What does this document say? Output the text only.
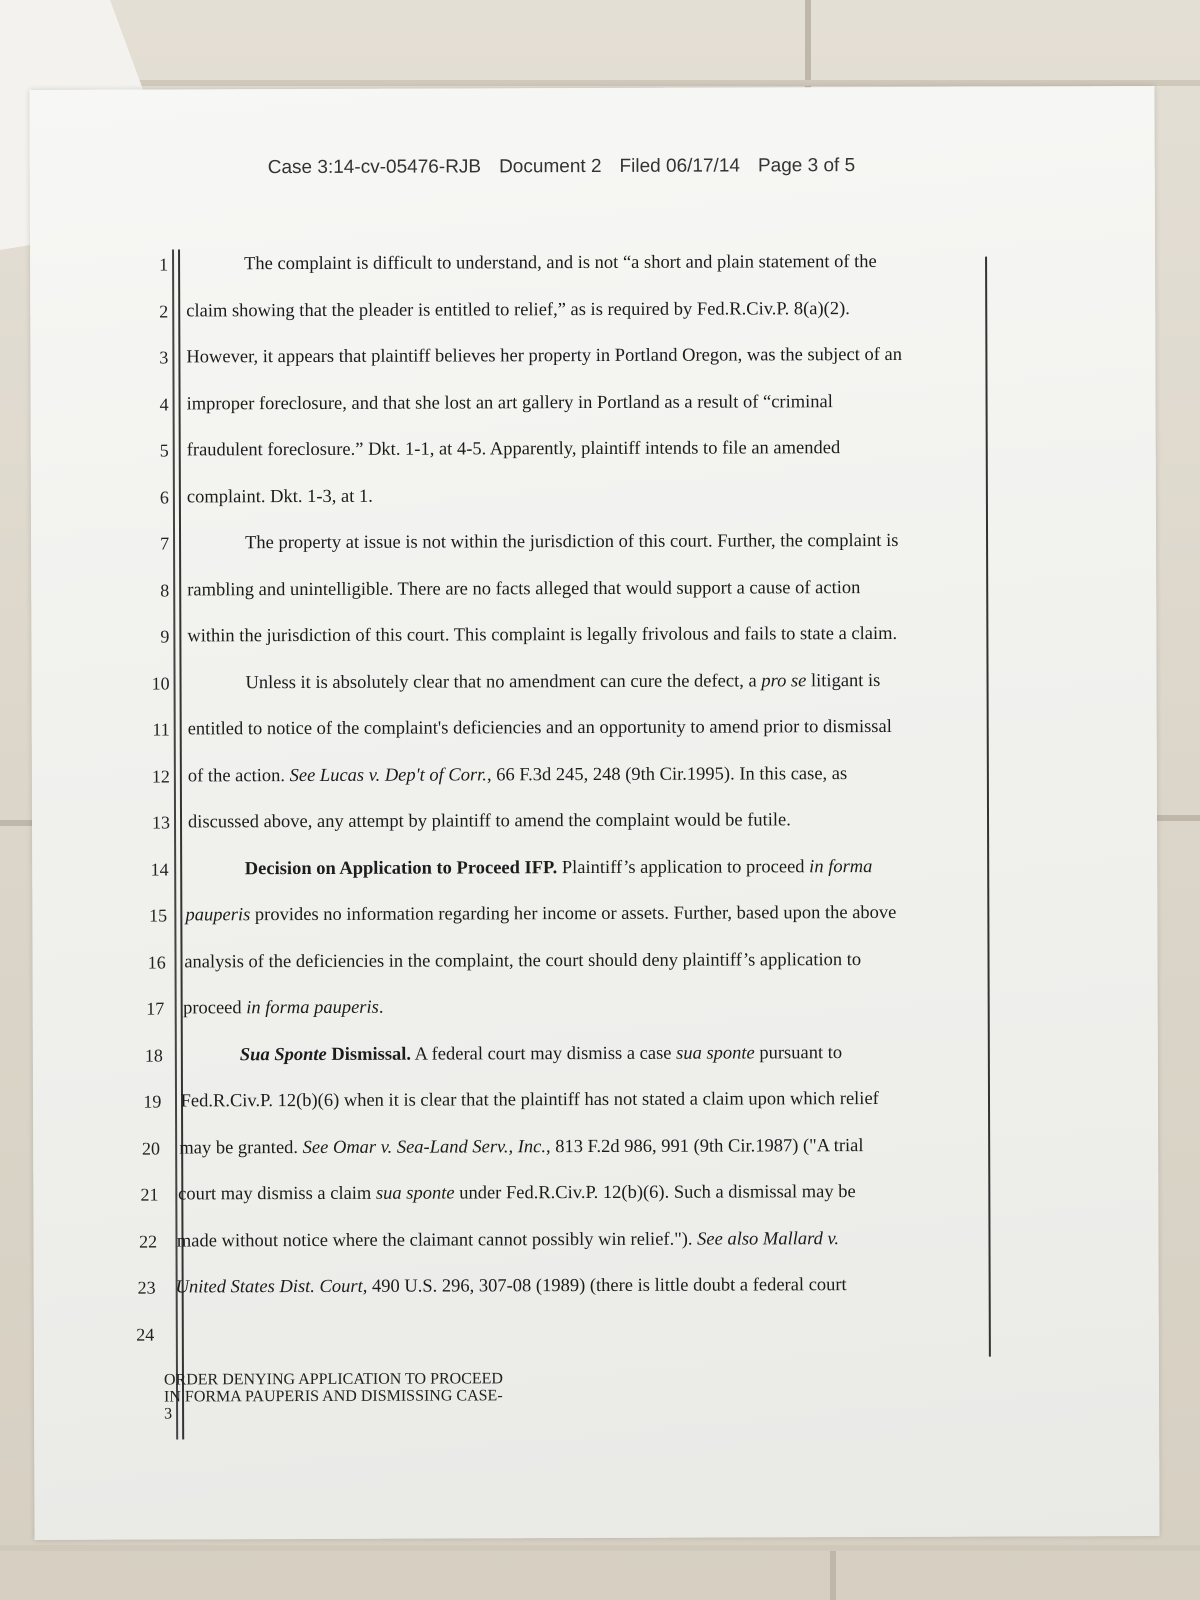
Case 3:14-cv-05476-RJB Document 2 Filed 06/17/14 Page 3 of 5
1	The complaint is difficult to understand, and is not “a short and plain statement of the
2 claim showing that the pleader is entitled to relief,” as is required by Fed.R.Civ.P. 8(a)(2).
3 However, it appears that plaintiff believes her property in Portland Oregon, was the subject of an
4 improper foreclosure, and that she lost an art gallery in Portland as a result of “criminal
5 fraudulent foreclosure.” Dkt. 1-1, at 4-5. Apparently, plaintiff intends to file an amended
6 complaint. Dkt. 1-3, at 1.
7	The property at issue is not within the jurisdiction of this court. Further, the complaint is
8 rambling and unintelligible. There are no facts alleged that would support a cause of action
9 within the jurisdiction of this court. This complaint is legally frivolous and fails to state a claim.
10	Unless it is absolutely clear that no amendment can cure the defect, a pro se litigant is
11 entitled to notice of the complaint's deficiencies and an opportunity to amend prior to dismissal
12 of the action. See Lucas v. Dep't of Corr., 66 F.3d 245, 248 (9th Cir.1995). In this case, as
13 discussed above, any attempt by plaintiff to amend the complaint would be futile.
14	Decision on Application to Proceed IFP. Plaintiff’s application to proceed in forma
15 pauperis provides no information regarding her income or assets. Further, based upon the above
16 analysis of the deficiencies in the complaint, the court should deny plaintiff’s application to
17 proceed in forma pauperis.
18	Sua Sponte Dismissal. A federal court may dismiss a case sua sponte pursuant to
19 Fed.R.Civ.P. 12(b)(6) when it is clear that the plaintiff has not stated a claim upon which relief
20 may be granted. See Omar v. Sea-Land Serv., Inc., 813 F.2d 986, 991 (9th Cir.1987) ("A trial
21 court may dismiss a claim sua sponte under Fed.R.Civ.P. 12(b)(6). Such a dismissal may be
22 made without notice where the claimant cannot possibly win relief."). See also Mallard v.
23 United States Dist. Court, 490 U.S. 296, 307-08 (1989) (there is little doubt a federal court
24
ORDER DENYING APPLICATION TO PROCEED
IN FORMA PAUPERIS AND DISMISSING CASE-
3
